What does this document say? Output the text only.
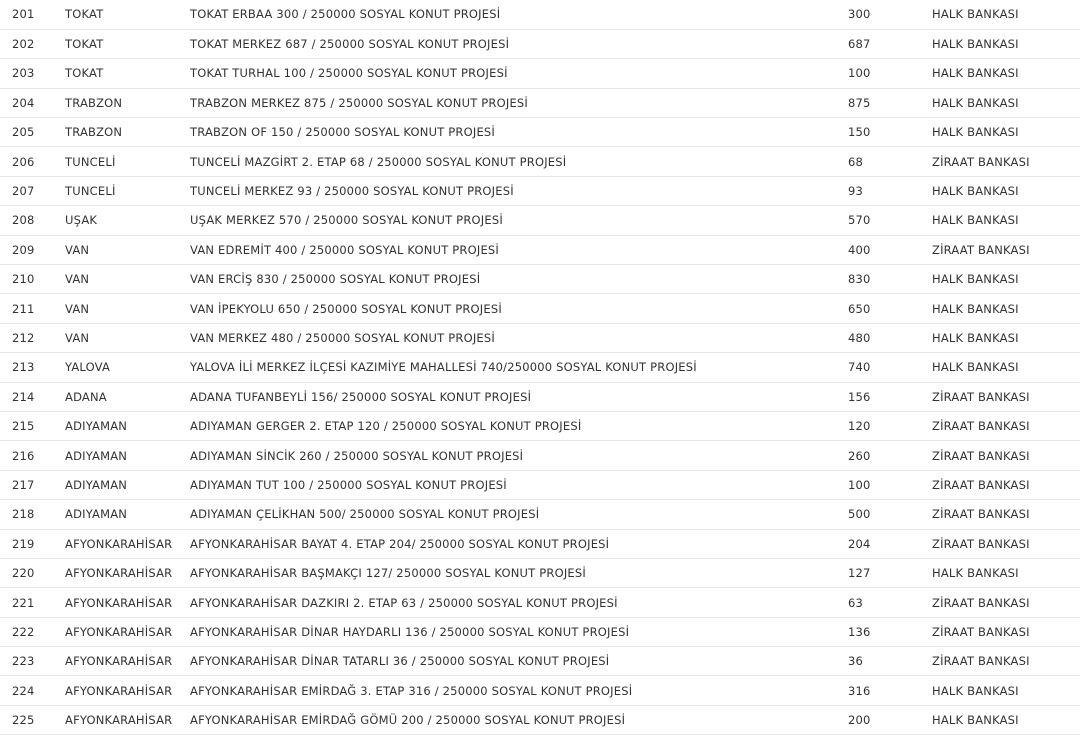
201	TOKAT	TOKAT ERBAA 300 / 250000 SOSYAL KONUT PROJESİ	300	HALK BANKASI
202	TOKAT	TOKAT MERKEZ 687 / 250000 SOSYAL KONUT PROJESİ	687	HALK BANKASI
203	TOKAT	TOKAT TURHAL 100 / 250000 SOSYAL KONUT PROJESİ	100	HALK BANKASI
204	TRABZON	TRABZON MERKEZ 875 / 250000 SOSYAL KONUT PROJESİ	875	HALK BANKASI
205	TRABZON	TRABZON OF 150 / 250000 SOSYAL KONUT PROJESİ	150	HALK BANKASI
206	TUNCELİ	TUNCELİ MAZGİRT 2. ETAP 68 / 250000 SOSYAL KONUT PROJESİ	68	ZİRAAT BANKASI
207	TUNCELİ	TUNCELİ MERKEZ 93 / 250000 SOSYAL KONUT PROJESİ	93	HALK BANKASI
208	UŞAK	UŞAK MERKEZ 570 / 250000 SOSYAL KONUT PROJESİ	570	HALK BANKASI
209	VAN	VAN EDREMİT 400 / 250000 SOSYAL KONUT PROJESİ	400	ZİRAAT BANKASI
210	VAN	VAN ERCİŞ 830 / 250000 SOSYAL KONUT PROJESİ	830	HALK BANKASI
211	VAN	VAN İPEKYOLU 650 / 250000 SOSYAL KONUT PROJESİ	650	HALK BANKASI
212	VAN	VAN MERKEZ 480 / 250000 SOSYAL KONUT PROJESİ	480	HALK BANKASI
213	YALOVA	YALOVA İLİ MERKEZ İLÇESİ KAZIMİYE MAHALLESİ 740/250000 SOSYAL KONUT PROJESİ	740	HALK BANKASI
214	ADANA	ADANA TUFANBEYLİ 156/ 250000 SOSYAL KONUT PROJESİ	156	ZİRAAT BANKASI
215	ADIYAMAN	ADIYAMAN GERGER 2. ETAP 120 / 250000 SOSYAL KONUT PROJESİ	120	ZİRAAT BANKASI
216	ADIYAMAN	ADIYAMAN SİNCİK 260 / 250000 SOSYAL KONUT PROJESİ	260	ZİRAAT BANKASI
217	ADIYAMAN	ADIYAMAN TUT 100 / 250000 SOSYAL KONUT PROJESİ	100	ZİRAAT BANKASI
218	ADIYAMAN	ADIYAMAN ÇELİKHAN 500/ 250000 SOSYAL KONUT PROJESİ	500	ZİRAAT BANKASI
219	AFYONKARAHİSAR	AFYONKARAHİSAR BAYAT 4. ETAP 204/ 250000 SOSYAL KONUT PROJESİ	204	ZİRAAT BANKASI
220	AFYONKARAHİSAR	AFYONKARAHİSAR BAŞMAKÇI 127/ 250000 SOSYAL KONUT PROJESİ	127	HALK BANKASI
221	AFYONKARAHİSAR	AFYONKARAHİSAR DAZKIRI 2. ETAP 63 / 250000 SOSYAL KONUT PROJESİ	63	ZİRAAT BANKASI
222	AFYONKARAHİSAR	AFYONKARAHİSAR DİNAR HAYDARLI 136 / 250000 SOSYAL KONUT PROJESİ	136	ZİRAAT BANKASI
223	AFYONKARAHİSAR	AFYONKARAHİSAR DİNAR TATARLI 36 / 250000 SOSYAL KONUT PROJESİ	36	ZİRAAT BANKASI
224	AFYONKARAHİSAR	AFYONKARAHİSAR EMİRDAĞ 3. ETAP 316 / 250000 SOSYAL KONUT PROJESİ	316	HALK BANKASI
225	AFYONKARAHİSAR	AFYONKARAHİSAR EMİRDAĞ GÖMÜ 200 / 250000 SOSYAL KONUT PROJESİ	200	HALK BANKASI
